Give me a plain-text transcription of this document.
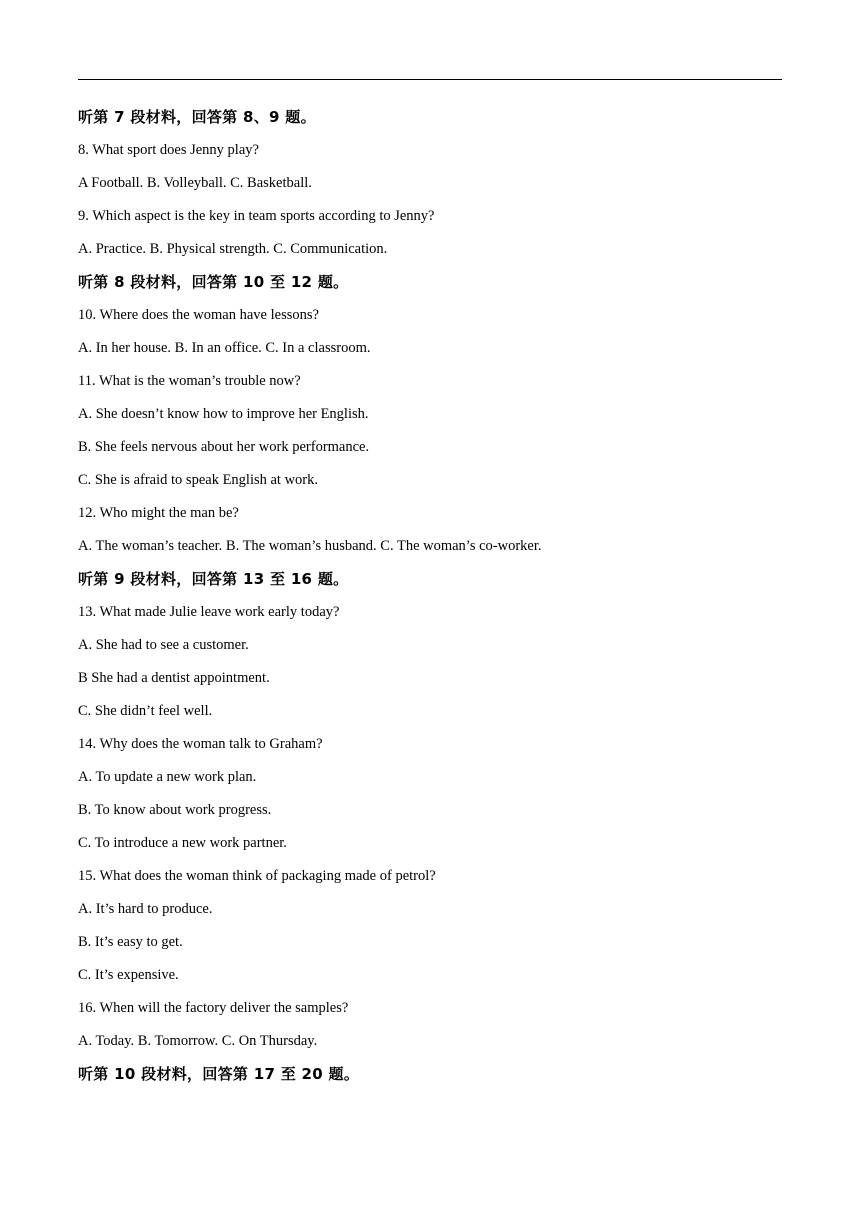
听第 7 段材料，回答第 8、9 题。
8. What sport does Jenny play?
A Football. B. Volleyball. C. Basketball.
9. Which aspect is the key in team sports according to Jenny?
A. Practice. B. Physical strength. C. Communication.
听第 8 段材料，回答第 10 至 12 题。
10. Where does the woman have lessons?
A. In her house. B. In an office. C. In a classroom.
11. What is the woman’s trouble now?
A. She doesn’t know how to improve her English.
B. She feels nervous about her work performance.
C. She is afraid to speak English at work.
12. Who might the man be?
A. The woman’s teacher. B. The woman’s husband. C. The woman’s co-worker.
听第 9 段材料，回答第 13 至 16 题。
13. What made Julie leave work early today?
A. She had to see a customer.
B She had a dentist appointment.
C. She didn’t feel well.
14. Why does the woman talk to Graham?
A. To update a new work plan.
B. To know about work progress.
C. To introduce a new work partner.
15. What does the woman think of packaging made of petrol?
A. It’s hard to produce.
B. It’s easy to get.
C. It’s expensive.
16. When will the factory deliver the samples?
A. Today. B. Tomorrow. C. On Thursday.
听第 10 段材料，回答第 17 至 20 题。
